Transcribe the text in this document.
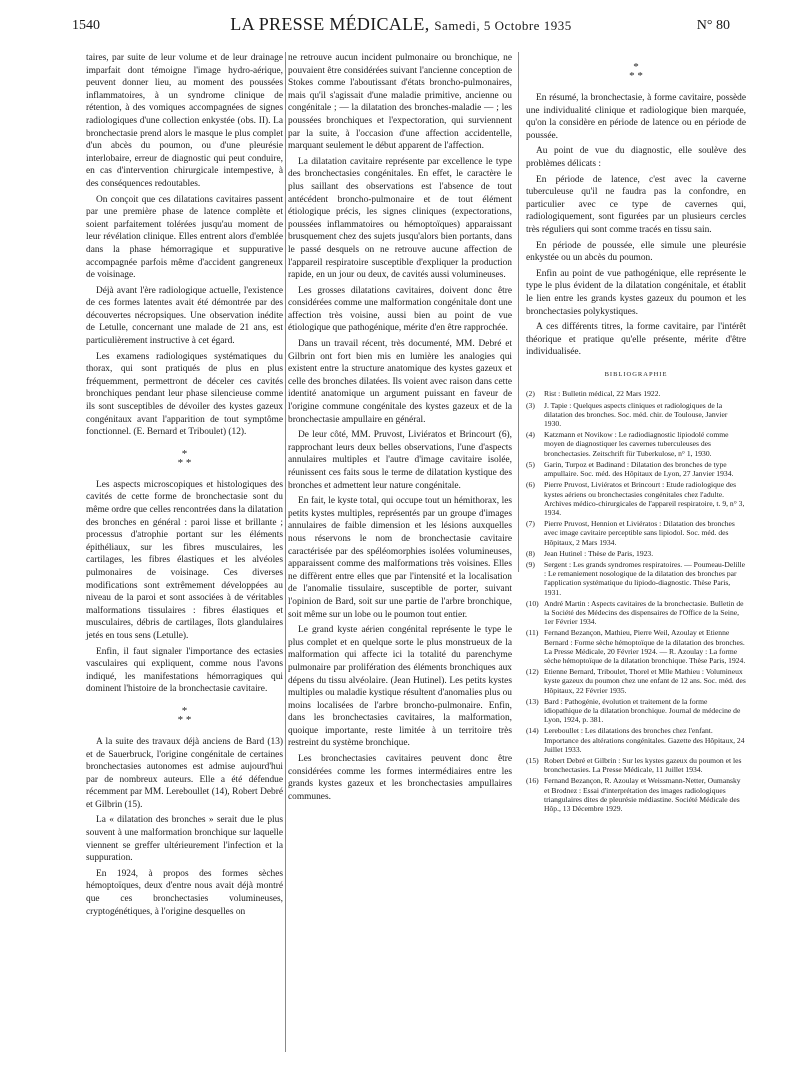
1540	LA PRESSE MÉDICALE, Samedi, 5 Octobre 1935	N° 80

taires, par suite de leur volume et de leur drainage imparfait dont témoigne l'image hydro-aérique, peuvent donner lieu, au moment des poussées inflammatoires, à un syndrome clinique de rétention, à des vomiques accompagnées de signes radiologiques d'une collection enkystée (obs. II). La bronchectasie prend alors le masque le plus complet d'un abcès du poumon, ou d'une pleurésie interlobaire, erreur de diagnostic qui peut conduire, en cas d'intervention chirurgicale intempestive, à des conséquences redoutables.

On conçoit que ces dilatations cavitaires passent par une première phase de latence complète et soient parfaitement tolérées jusqu'au moment de leur révélation clinique. Elles entrent alors d'emblée dans la phase hémorragique et suppurative accompagnée parfois même d'accident gangreneux de voisinage.

Déjà avant l'ère radiologique actuelle, l'existence de ces formes latentes avait été démontrée par des découvertes nécropsiques. Une observation inédite de Letulle, concernant une malade de 21 ans, est particulièrement instructive à cet égard.

Les examens radiologiques systématiques du thorax, qui sont pratiqués de plus en plus fréquemment, permettront de déceler ces cavités bronchiques pendant leur phase silencieuse comme ils sont susceptibles de dévoiler des kystes gazeux congénitaux avant l'apparition de tout symptôme fonctionnel. (E. Bernard et Triboulet) (12).

*
* *

Les aspects microscopiques et histologiques des cavités de cette forme de bronchectasie sont du même ordre que celles rencontrées dans la dilatation des bronches en général : paroi lisse et brillante ; processus d'atrophie portant sur les éléments épithéliaux, sur les fibres musculaires, les cartilages, les fibres élastiques et les alvéoles pulmonaires de voisinage. Ces diverses modifications sont extrêmement développées au niveau de la paroi et sont associées à de véritables malformations tissulaires : fibres élastiques et musculaires, débris de cartilages, îlots glandulaires jetés en tous sens (Letulle).

Enfin, il faut signaler l'importance des ectasies vasculaires qui expliquent, comme nous l'avons indiqué, les manifestations hémorragiques qui dominent l'histoire de la bronchectasie cavitaire.

*
* *

A la suite des travaux déjà anciens de Bard (13) et de Sauerbruck, l'origine congénitale de certaines bronchectasies autonomes est admise aujourd'hui par de nombreux auteurs. Elle a été défendue récemment par MM. Lereboullet (14), Robert Debré et Gilbrin (15).

La « dilatation des bronches » serait due le plus souvent à une malformation bronchique sur laquelle viennent se greffer ultérieurement l'infection et la suppuration.

En 1924, à propos des formes sèches hémoptoïques, deux d'entre nous avait déjà montré que ces bronchectasies volumineuses, cryptogénétiques, à l'origine desquelles on

ne retrouve aucun incident pulmonaire ou bronchique, ne pouvaient être considérées suivant l'ancienne conception de Stokes comme l'aboutissant d'états broncho-pulmonaires, mais qu'il s'agissait d'une maladie primitive, ancienne ou congénitale ; — la dilatation des bronches-maladie — ; les poussées bronchiques et l'expectoration, qui surviennent par la suite, à l'occasion d'une affection accidentelle, marquant seulement le début apparent de l'affection.

La dilatation cavitaire représente par excellence le type des bronchectasies congénitales. En effet, le caractère le plus saillant des observations est l'absence de tout antécédent broncho-pulmonaire et de tout élément étiologique précis, les signes cliniques (expectorations, poussées inflammatoires ou hémoptoïques) apparaissant brusquement chez des sujets jusqu'alors bien portants, dans le passé desquels on ne retrouve aucune affection de l'appareil respiratoire susceptible d'expliquer la production rapide, en un jour ou deux, de cavités aussi volumineuses.

Les grosses dilatations cavitaires, doivent donc être considérées comme une malformation congénitale dont une affection très voisine, aussi bien au point de vue étiologique que pathogénique, mérite d'en être rapprochée.

Dans un travail récent, très documenté, MM. Debré et Gilbrin ont fort bien mis en lumière les analogies qui existent entre la structure anatomique des kystes gazeux et celle des bronches dilatées. Ils voient avec raison dans cette identité anatomique un argument puissant en faveur de l'origine commune congénitale des kystes gazeux et de la bronchectasie ampullaire en général.

De leur côté, MM. Pruvost, Liviératos et Brincourt (6), rapprochant leurs deux belles observations, l'une d'aspects annulaires multiples et l'autre d'image cavitaire isolée, réunissent ces faits sous le terme de dilatation kystique des bronches et admettent leur nature congénitale.

En fait, le kyste total, qui occupe tout un hémithorax, les petits kystes multiples, représentés par un groupe d'images annulaires de faible dimension et les lésions auxquelles nous réservons le nom de bronchectasie cavitaire caractérisée par des spéléomorphies isolées volumineuses, apparaissent comme des malformations très voisines. Elles ne diffèrent entre elles que par l'intensité et la localisation de l'anomalie tissulaire, susceptible de porter, suivant l'opinion de Bard, soit sur une partie de l'arbre bronchique, soit même sur un lobe ou le poumon tout entier.

Le grand kyste aérien congénital représente le type le plus complet et en quelque sorte le plus monstrueux de la malformation qui affecte ici la totalité du parenchyme pulmonaire par prolifération des éléments bronchiques aux dépens du tissu alvéolaire. (Jean Hutinel). Les petits kystes multiples ou maladie kystique résultent d'anomalies plus ou moins localisées de l'arbre broncho-pulmonaire. Enfin, dans les bronchectasies cavitaires, la malformation, quoique importante, reste limitée à un territoire très restreint du système bronchique.

Les bronchectasies cavitaires peuvent donc être considérées comme les formes intermédiaires entre les grands kystes gazeux et les bronchectasies ampullaires communes.

*
* *

En résumé, la bronchectasie, à forme cavitaire, possède une individualité clinique et radiologique bien marquée, qu'on la considère en période de latence ou en période de poussée.

Au point de vue du diagnostic, elle soulève des problèmes délicats :

En période de latence, c'est avec la caverne tuberculeuse qu'il ne faudra pas la confondre, en particulier avec ce type de cavernes qui, radiologiquement, sont figurées par un plusieurs cercles très réguliers qui sont comme tracés en tissu sain.

En période de poussée, elle simule une pleurésie enkystée ou un abcès du poumon.

Enfin au point de vue pathogénique, elle représente le type le plus évident de la dilatation congénitale, et établit le lien entre les grands kystes gazeux du poumon et les bronchectasies polykystiques.

A ces différents titres, la forme cavitaire, par l'intérêt théorique et pratique qu'elle présente, mérite d'être individualisée.

BIBLIOGRAPHIE
(2)	Rist : Bulletin médical, 22 Mars 1922.
(3)	J. Tapie : Quelques aspects cliniques et radiologiques de la dilatation des bronches. Soc. méd. chir. de Toulouse, Janvier 1930.
(4)	Katzmann et Novikow : Le radiodiagnostic lipiodolé comme moyen de diagnostiquer les cavernes tuberculeuses des bronchectasies. Zeitschrift für Tuberkulose, n° 1, 1930.
(5)	Garin, Turpoz et Badinand : Dilatation des bronches de type ampullaire. Soc. méd. des Hôpitaux de Lyon, 27 Janvier 1934.
(6)	Pierre Pruvost, Liviératos et Brincourt : Etude radiologique des kystes aériens ou bronchectasies congénitales chez l'adulte. Archives médico-chirurgicales de l'appareil respiratoire, t. 9, n° 3, 1934.
(7)	Pierre Pruvost, Hennion et Liviératos : Dilatation des bronches avec image cavitaire perceptible sans lipiodol. Soc. méd. des Hôpitaux, 2 Mars 1934.
(8)	Jean Hutinel : Thèse de Paris, 1923.
(9)	Sergent : Les grands syndromes respiratoires. — Poumeau-Delille : Le remaniement nosologique de la dilatation des bronches par l'application systématique du lipiodo-diagnostic. Thèse Paris, 1931.
(10) André Martin : Aspects cavitaires de la bronchectasie. Bulletin de la Société des Médecins des dispensaires de l'Office de la Seine, 1er Février 1934.
(11) Fernand Bezançon, Mathieu, Pierre Weil, Azoulay et Etienne Bernard : Forme sèche hémoptoïque de la dilatation des bronches. La Presse Médicale, 20 Février 1924. — R. Azoulay : La forme sèche hémoptoïque de la dilatation bronchique. Thèse Paris, 1924.
(12) Etienne Bernard, Triboulet, Thorel et Mlle Mathieu : Volumineux kyste gazeux du poumon chez une enfant de 12 ans. Soc. méd. des Hôpitaux, 22 Février 1935.
(13) Bard : Pathogénie, évolution et traitement de la forme idiopathique de la dilatation bronchique. Journal de médecine de Lyon, 1924, p. 381.
(14) Lereboullet : Les dilatations des bronches chez l'enfant. Importance des altérations congénitales. Gazette des Hôpitaux, 24 Juillet 1933.
(15) Robert Debré et Gilbrin : Sur les kystes gazeux du poumon et les bronchectasies. La Presse Médicale, 11 Juillet 1934.
(16) Fernand Bezançon, R. Azoulay et Weissmann-Netter, Oumansky et Brodnez : Essai d'interprétation des images radiologiques triangulaires dites de pleurésie médiastine. Société Médicale des Hôp., 13 Décembre 1929.
